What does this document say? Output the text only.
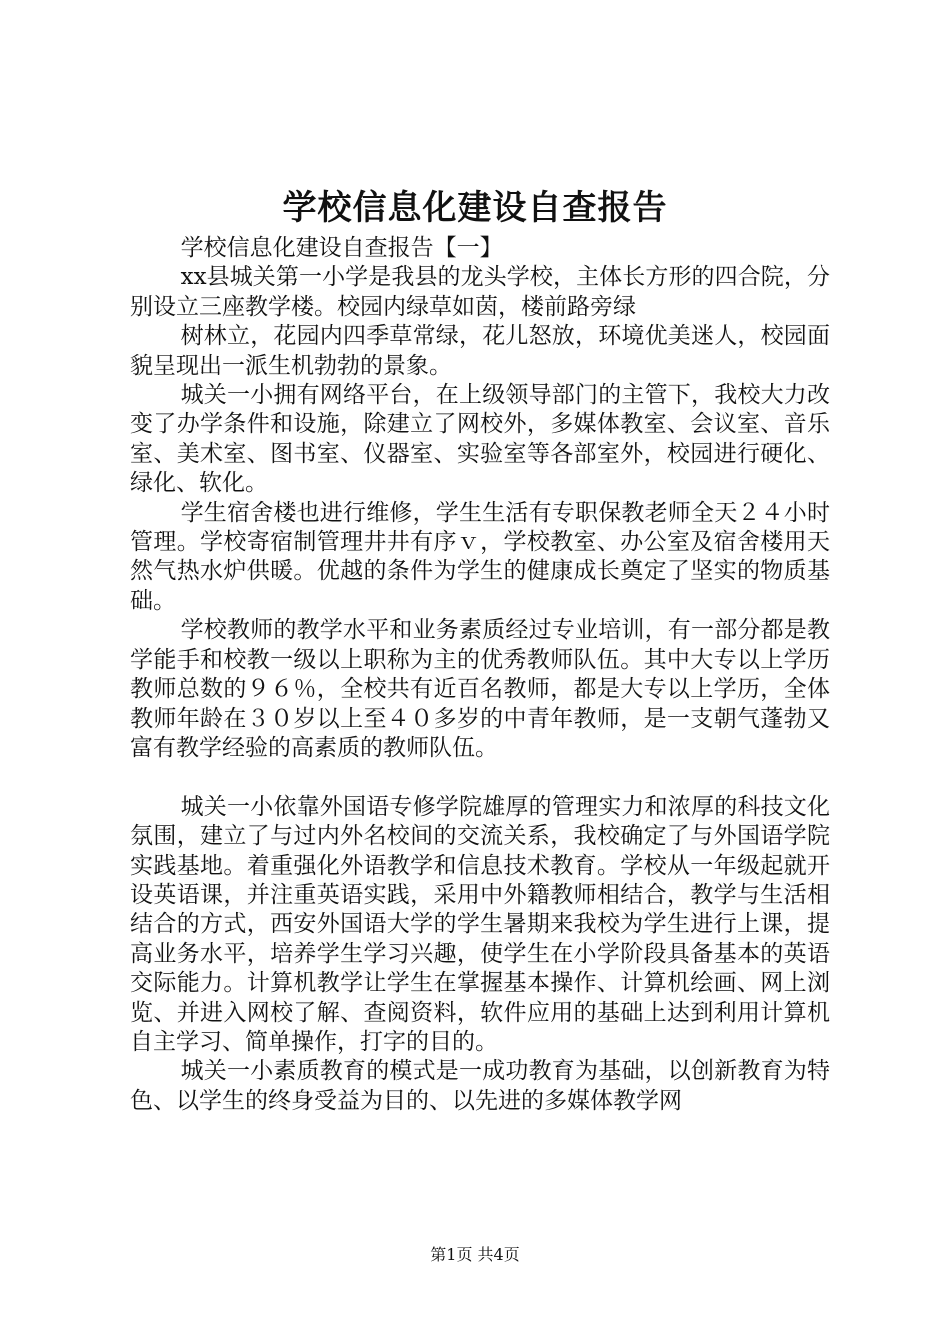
学校信息化建设自查报告

学校信息化建设自查报告【一】

xx县城关第一小学是我县的龙头学校，主体长方形的四合院，分别设立三座教学楼。校园内绿草如茵，楼前路旁绿

树林立，花园内四季草常绿，花儿怒放，环境优美迷人，校园面貌呈现出一派生机勃勃的景象。

城关一小拥有网络平台，在上级领导部门的主管下，我校大力改变了办学条件和设施，除建立了网校外，多媒体教室、会议室、音乐室、美术室、图书室、仪器室、实验室等各部室外，校园进行硬化、绿化、软化。

学生宿舍楼也进行维修，学生生活有专职保教老师全天２４小时管理。学校寄宿制管理井井有序ｖ，学校教室、办公室及宿舍楼用天然气热水炉供暖。优越的条件为学生的健康成长奠定了坚实的物质基础。

学校教师的教学水平和业务素质经过专业培训，有一部分都是教学能手和校教一级以上职称为主的优秀教师队伍。其中大专以上学历教师总数的９６％，全校共有近百名教师，都是大专以上学历，全体教师年龄在３０岁以上至４０多岁的中青年教师，是一支朝气蓬勃又富有教学经验的高素质的教师队伍。

城关一小依靠外国语专修学院雄厚的管理实力和浓厚的科技文化氛围，建立了与过内外名校间的交流关系，我校确定了与外国语学院实践基地。着重强化外语教学和信息技术教育。学校从一年级起就开设英语课，并注重英语实践，采用中外籍教师相结合，教学与生活相结合的方式，西安外国语大学的学生暑期来我校为学生进行上课，提高业务水平，培养学生学习兴趣，使学生在小学阶段具备基本的英语交际能力。计算机教学让学生在掌握基本操作、计算机绘画、网上浏览、并进入网校了解、查阅资料，软件应用的基础上达到利用计算机自主学习、简单操作，打字的目的。

城关一小素质教育的模式是一成功教育为基础，以创新教育为特色、以学生的终身受益为目的、以先进的多媒体教学网

第1页 共4页
